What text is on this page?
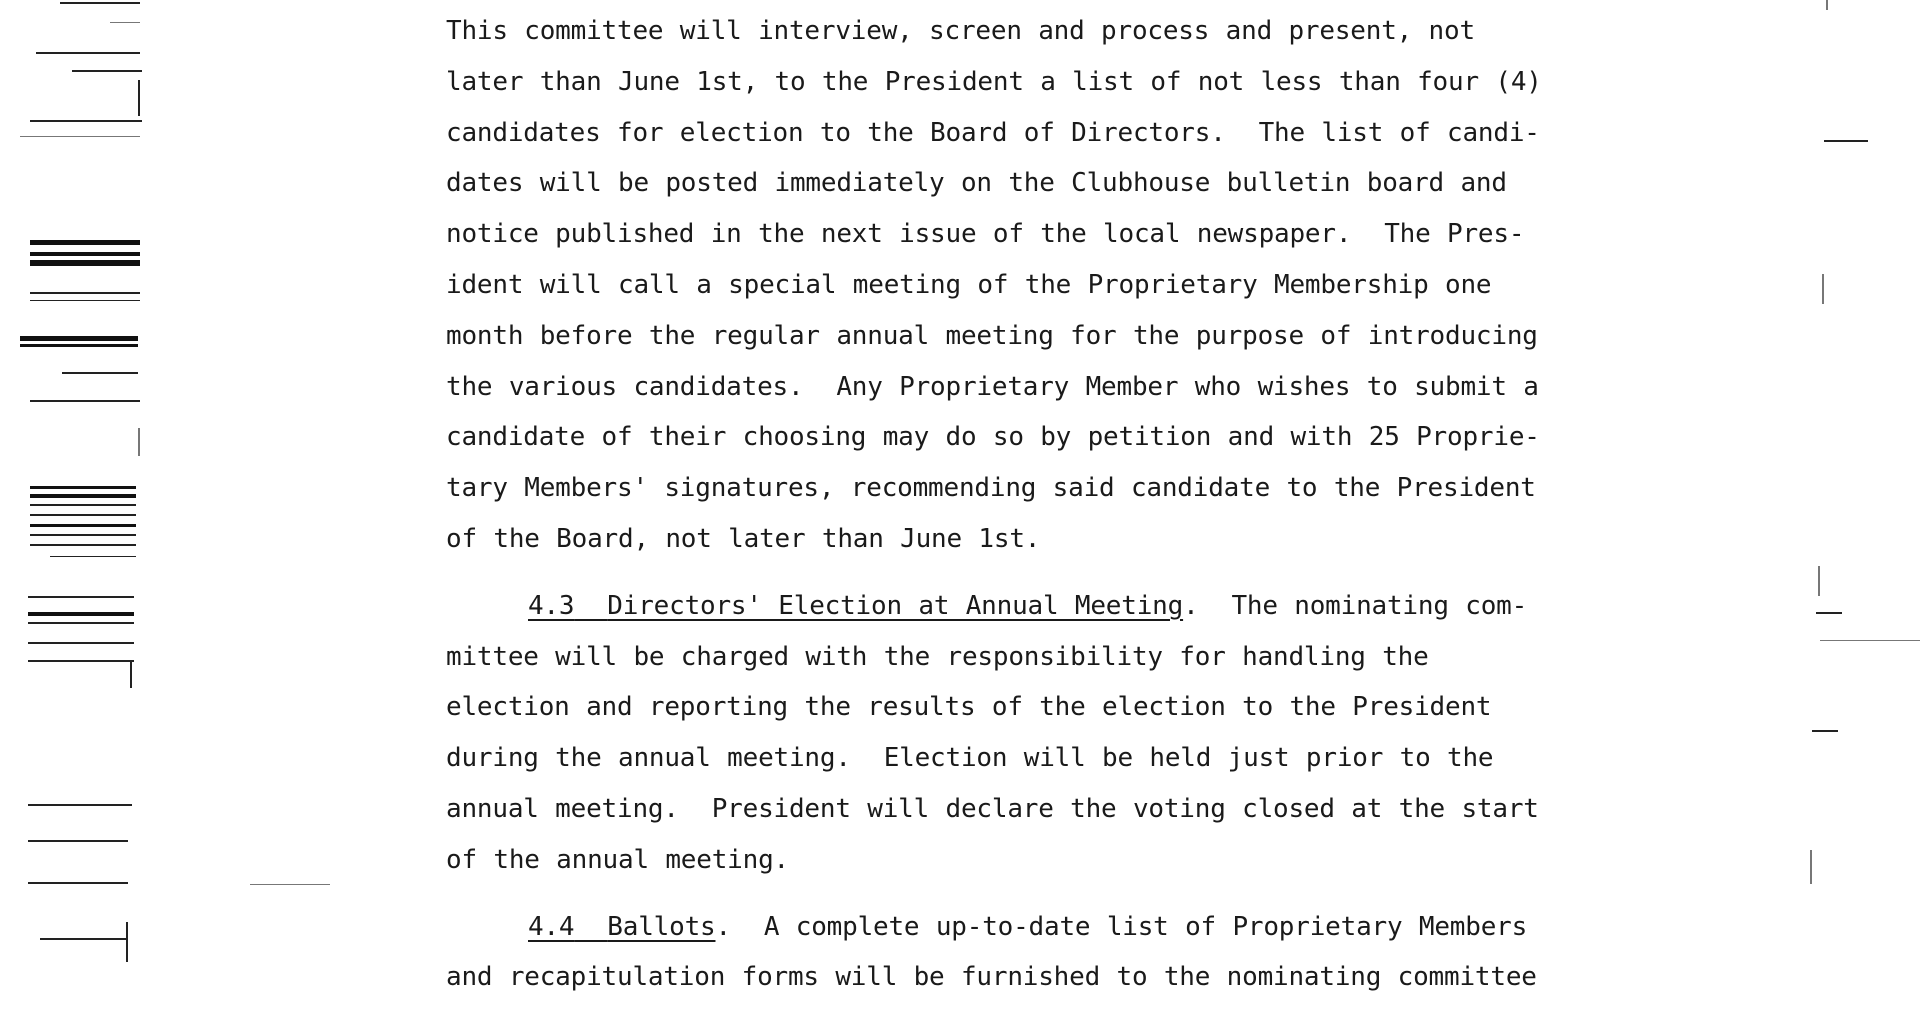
This committee will interview, screen and process and present, not
later than June 1st, to the President a list of not less than four (4)
candidates for election to the Board of Directors.  The list of candi-
dates will be posted immediately on the Clubhouse bulletin board and
notice published in the next issue of the local newspaper.  The Pres-
ident will call a special meeting of the Proprietary Membership one
month before the regular annual meeting for the purpose of introducing
the various candidates.  Any Proprietary Member who wishes to submit a
candidate of their choosing may do so by petition and with 25 Proprie-
tary Members' signatures, recommending said candidate to the President
of the Board, not later than June 1st.
4.3 Directors' Election at Annual Meeting.  The nominating com-
mittee will be charged with the responsibility for handling the
election and reporting the results of the election to the President
during the annual meeting.  Election will be held just prior to the
annual meeting.  President will declare the voting closed at the start
of the annual meeting.
4.4 Ballots.  A complete up-to-date list of Proprietary Members
and recapitulation forms will be furnished to the nominating committee
